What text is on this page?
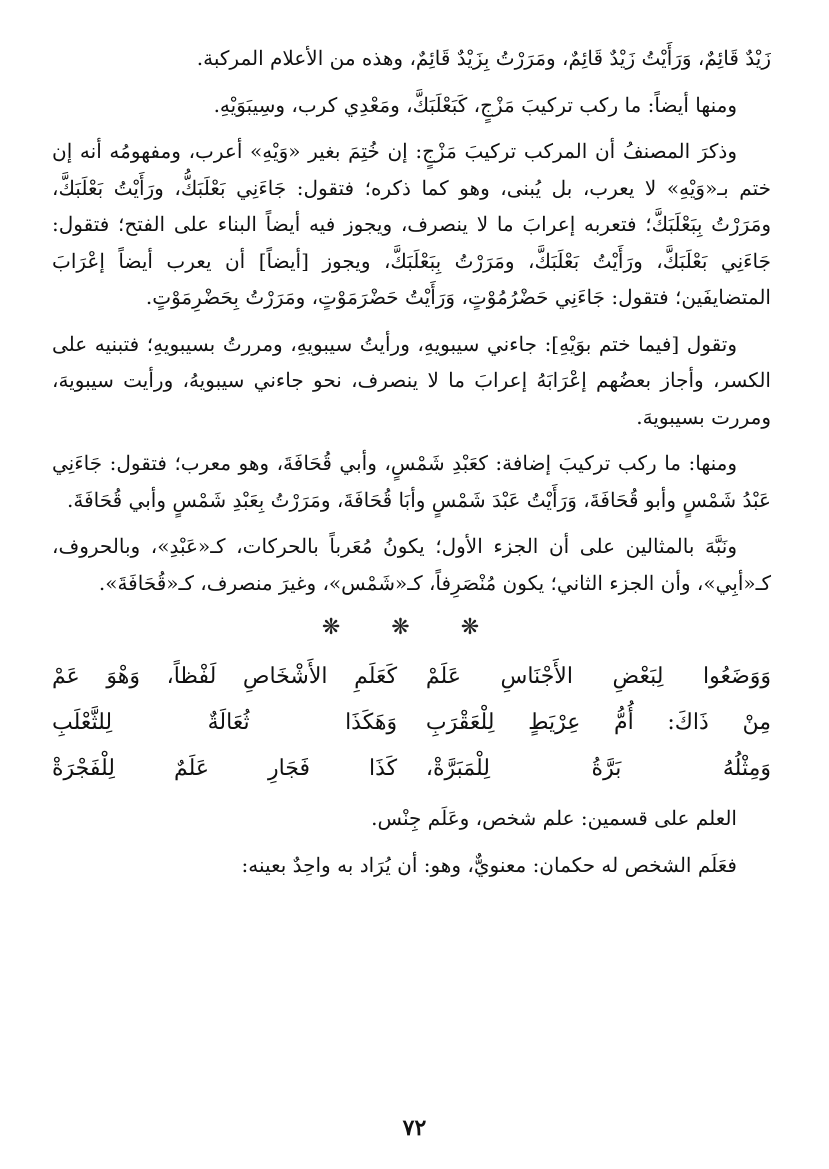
زَيْدٌ قَائِمٌ، وَرَأَيْتُ زَيْدٌ قَائِمٌ، ومَرَرْتُ بِزَيْدٌ قَائِمٌ، وهذه من الأعلام المركبة.

ومنها أيضاً: ما ركب تركيبَ مَزْجٍ، كَبَعْلَبَكَّ، ومَعْدِي كرب، وسِيبَوَيْهِ.

وذكرَ المصنفُ أن المركب تركيبَ مَزْجٍ: إن خُتِمَ بغير «وَيْهِ» أعرب، ومفهومُه أنه إن ختم بـ«وَيْهِ» لا يعرب، بل يُبنى، وهو كما ذكره؛ فتقول: جَاءَنِي بَعْلَبَكُّ، ورَأَيْتُ بَعْلَبَكَّ، ومَرَرْتُ بِبَعْلَبَكَّ؛ فتعربه إعرابَ ما لا ينصرف، ويجوز فيه أيضاً البناء على الفتح؛ فتقول: جَاءَنِي بَعْلَبَكَّ، ورَأَيْتُ بَعْلَبَكَّ، ومَرَرْتُ بِبَعْلَبَكَّ، ويجوز [أيضاً] أن يعرب أيضاً إعْرَابَ المتضايفَين؛ فتقول: جَاءَنِي حَضْرُمُوْتٍ، وَرَأَيْتُ حَضْرَمَوْتٍ، ومَرَرْتُ بِحَضْرِمَوْتٍ.

وتقول [فيما ختم بوَيْهِ]: جاءني سيبويهِ، ورأيتُ سيبويهِ، ومررتُ بسيبويهِ؛ فتبنيه على الكسر، وأجاز بعضُهم إعْرَابَهُ إعرابَ ما لا ينصرف، نحو جاءني سيبويهُ، ورأيت سيبويهَ، ومررت بسيبويهَ.

ومنها: ما ركب تركيبَ إضافة: كعَبْدِ شَمْسٍ، وأبي قُحَافَةَ، وهو معرب؛ فتقول: جَاءَنِي عَبْدُ شَمْسٍ وأبو قُحَافَةَ، وَرَأَيْتُ عَبْدَ شَمْسٍ وأبَا قُحَافَةَ، ومَرَرْتُ بِعَبْدِ شَمْسٍ وأبي قُحَافَةَ.

ونَبَّهَ بالمثالين على أن الجزء الأول؛ يكونُ مُعَرباً بالحركات، كـ«عَبْدِ»، وبالحروف، كـ«أبِي»، وأن الجزء الثاني؛ يكون مُنْصَرِفاً، كـ«شَمْس»، وغيرَ منصرف، كـ«قُحَافَةَ».

❋ ❋ ❋
وَوَضَعُوا لِبَعْضِ الأَجْنَاسِ عَلَمْ
كَعَلَمِ الأَشْخَاصِ لَفْظاً، وَهْوَ عَمْ
مِنْ ذَاكَ: أُمُّ عِرْيَطٍ لِلْعَقْرَبِ
وَهَكَذَا ثُعَالَةٌ لِلثَّعْلَبِ
وَمِثْلُهُ بَرَّةُ لِلْمَبَرَّةْ،
كَذَا فَجَارِ عَلَمٌ لِلْفَجْرَةْ

العلم على قسمين: علم شخص، وعَلَم جِنْس.

فعَلَم الشخص له حكمان: معنويٌّ، وهو: أن يُرَاد به واحِدٌ بعينه:

٧٢
